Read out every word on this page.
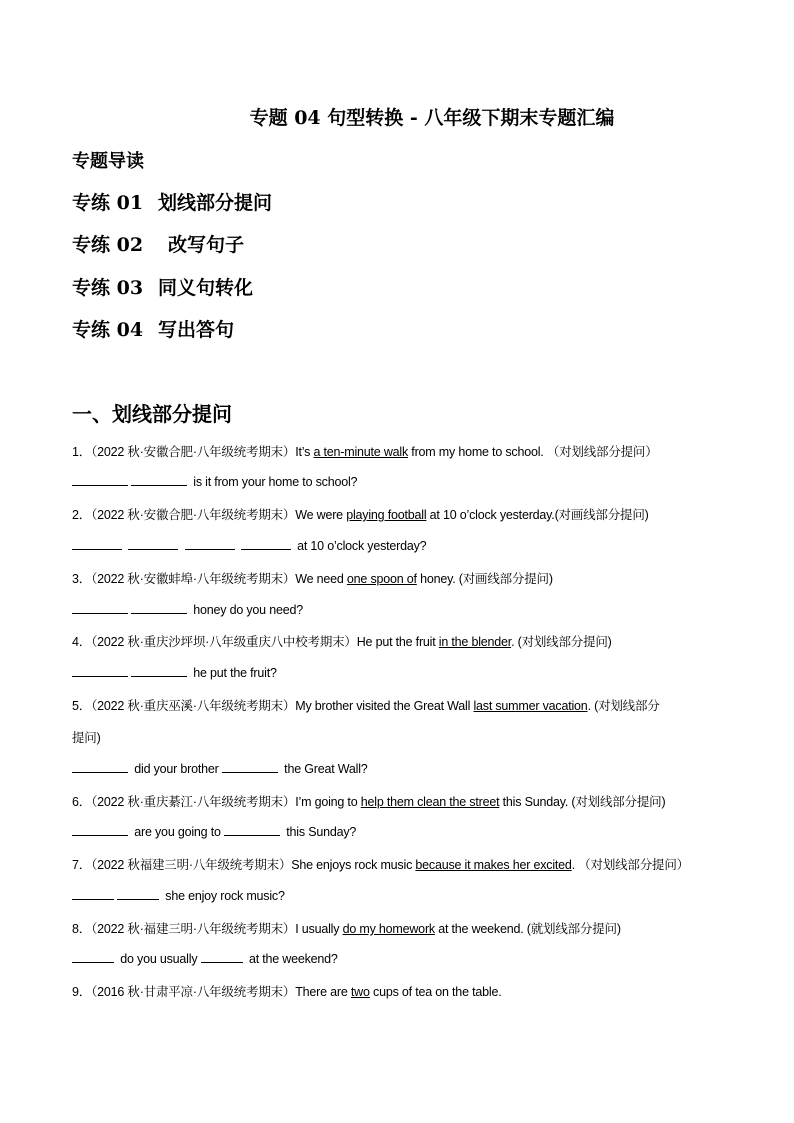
专题 04 句型转换 - 八年级下期末专题汇编
专题导读
专练 01 划线部分提问
专练 02 改写句子
专练 03 同义句转化
专练 04 写出答句
一、划线部分提问
1．（2022 秋·安徽合肥·八年级统考期末）It’s a ten-minute walk from my home to school. （对划线部分提问）
is it from your home to school?
2．（2022 秋·安徽合肥·八年级统考期末）We were playing football at 10 o’clock yesterday.(对画线部分提问)
at 10 o’clock yesterday?
3．（2022 秋·安徽蚌埠·八年级统考期末）We need one spoon of honey. (对画线部分提问)
honey do you need?
4．（2022 秋·重庆沙坪坝·八年级重庆八中校考期末）He put the fruit in the blender. (对划线部分提问)
he put the fruit?
5．（2022 秋·重庆巫溪·八年级统考期末）My brother visited the Great Wall last summer vacation. (对划线部分
提问)
did your brother	the Great Wall?
6．（2022 秋·重庆綦江·八年级统考期末）I’m going to help them clean the street this Sunday. (对划线部分提问)
are you going to	this Sunday?
7．（2022 秋福建三明·八年级统考期末）She enjoys rock music because it makes her excited. （对划线部分提问）
she enjoy rock music?
8．（2022 秋·福建三明·八年级统考期末）I usually do my homework at the weekend. (就划线部分提问)
do you usually	at the weekend?
9．（2016 秋·甘肃平凉·八年级统考期末）There are two cups of tea on the table.
